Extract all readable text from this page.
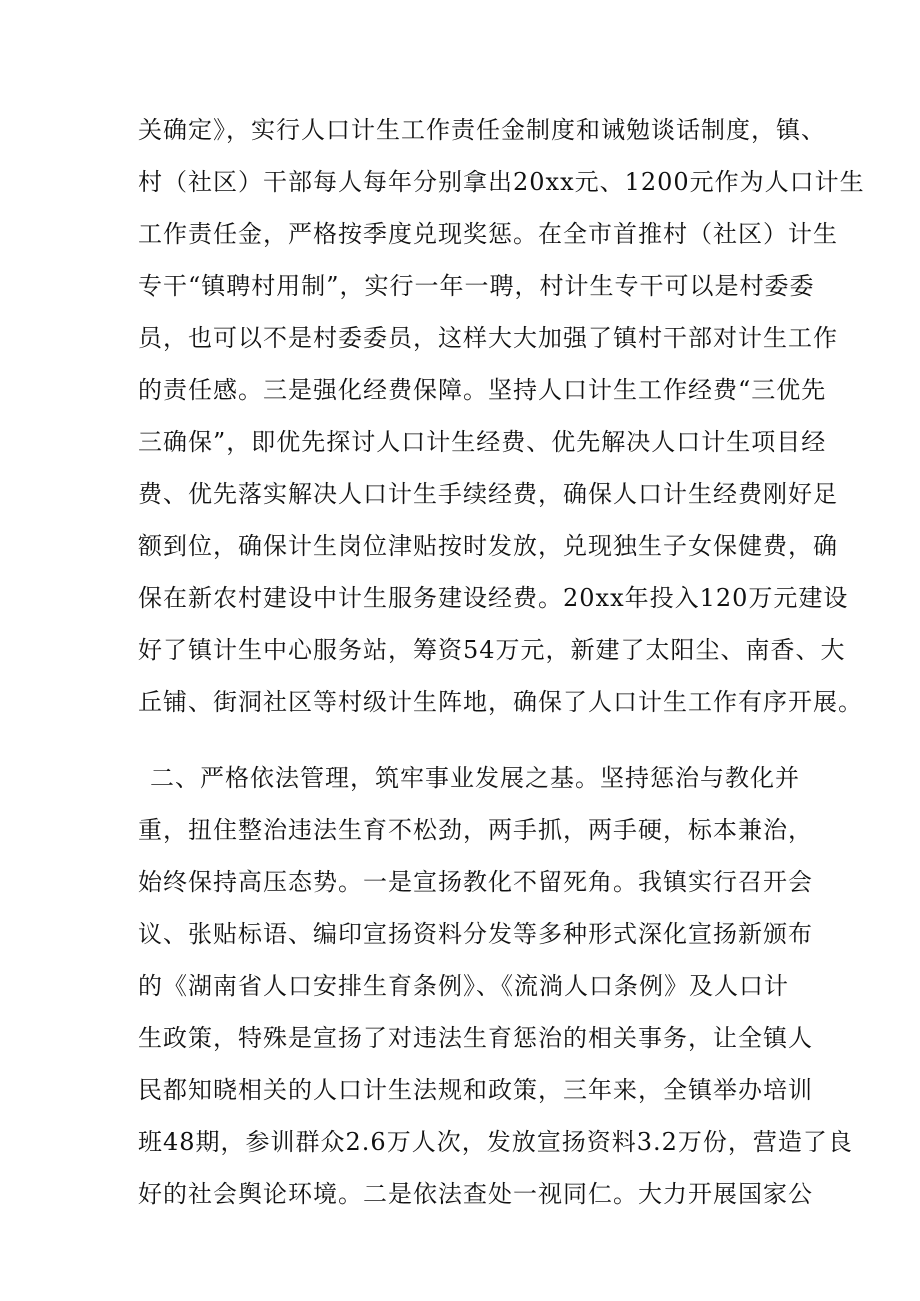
关确定》，实行人口计生工作责任金制度和诫勉谈话制度，镇、
村（社区）干部每人每年分别拿出20xx元、1200元作为人口计生
工作责任金，严格按季度兑现奖惩。在全市首推村（社区）计生
专干“镇聘村用制”，实行一年一聘，村计生专干可以是村委委
员，也可以不是村委委员，这样大大加强了镇村干部对计生工作
的责任感。三是强化经费保障。坚持人口计生工作经费“三优先
三确保”，即优先探讨人口计生经费、优先解决人口计生项目经
费、优先落实解决人口计生手续经费，确保人口计生经费刚好足
额到位，确保计生岗位津贴按时发放，兑现独生子女保健费，确
保在新农村建设中计生服务建设经费。20xx年投入120万元建设
好了镇计生中心服务站，筹资54万元，新建了太阳尘、南香、大
丘铺、街洞社区等村级计生阵地，确保了人口计生工作有序开展。
二、严格依法管理，筑牢事业发展之基。坚持惩治与教化并
重，扭住整治违法生育不松劲，两手抓，两手硬，标本兼治，
始终保持高压态势。一是宣扬教化不留死角。我镇实行召开会
议、张贴标语、编印宣扬资料分发等多种形式深化宣扬新颁布
的《湖南省人口安排生育条例》、《流淌人口条例》及人口计
生政策，特殊是宣扬了对违法生育惩治的相关事务，让全镇人
民都知晓相关的人口计生法规和政策，三年来，全镇举办培训
班48期，参训群众2.6万人次，发放宣扬资料3.2万份，营造了良
好的社会舆论环境。二是依法查处一视同仁。大力开展国家公
